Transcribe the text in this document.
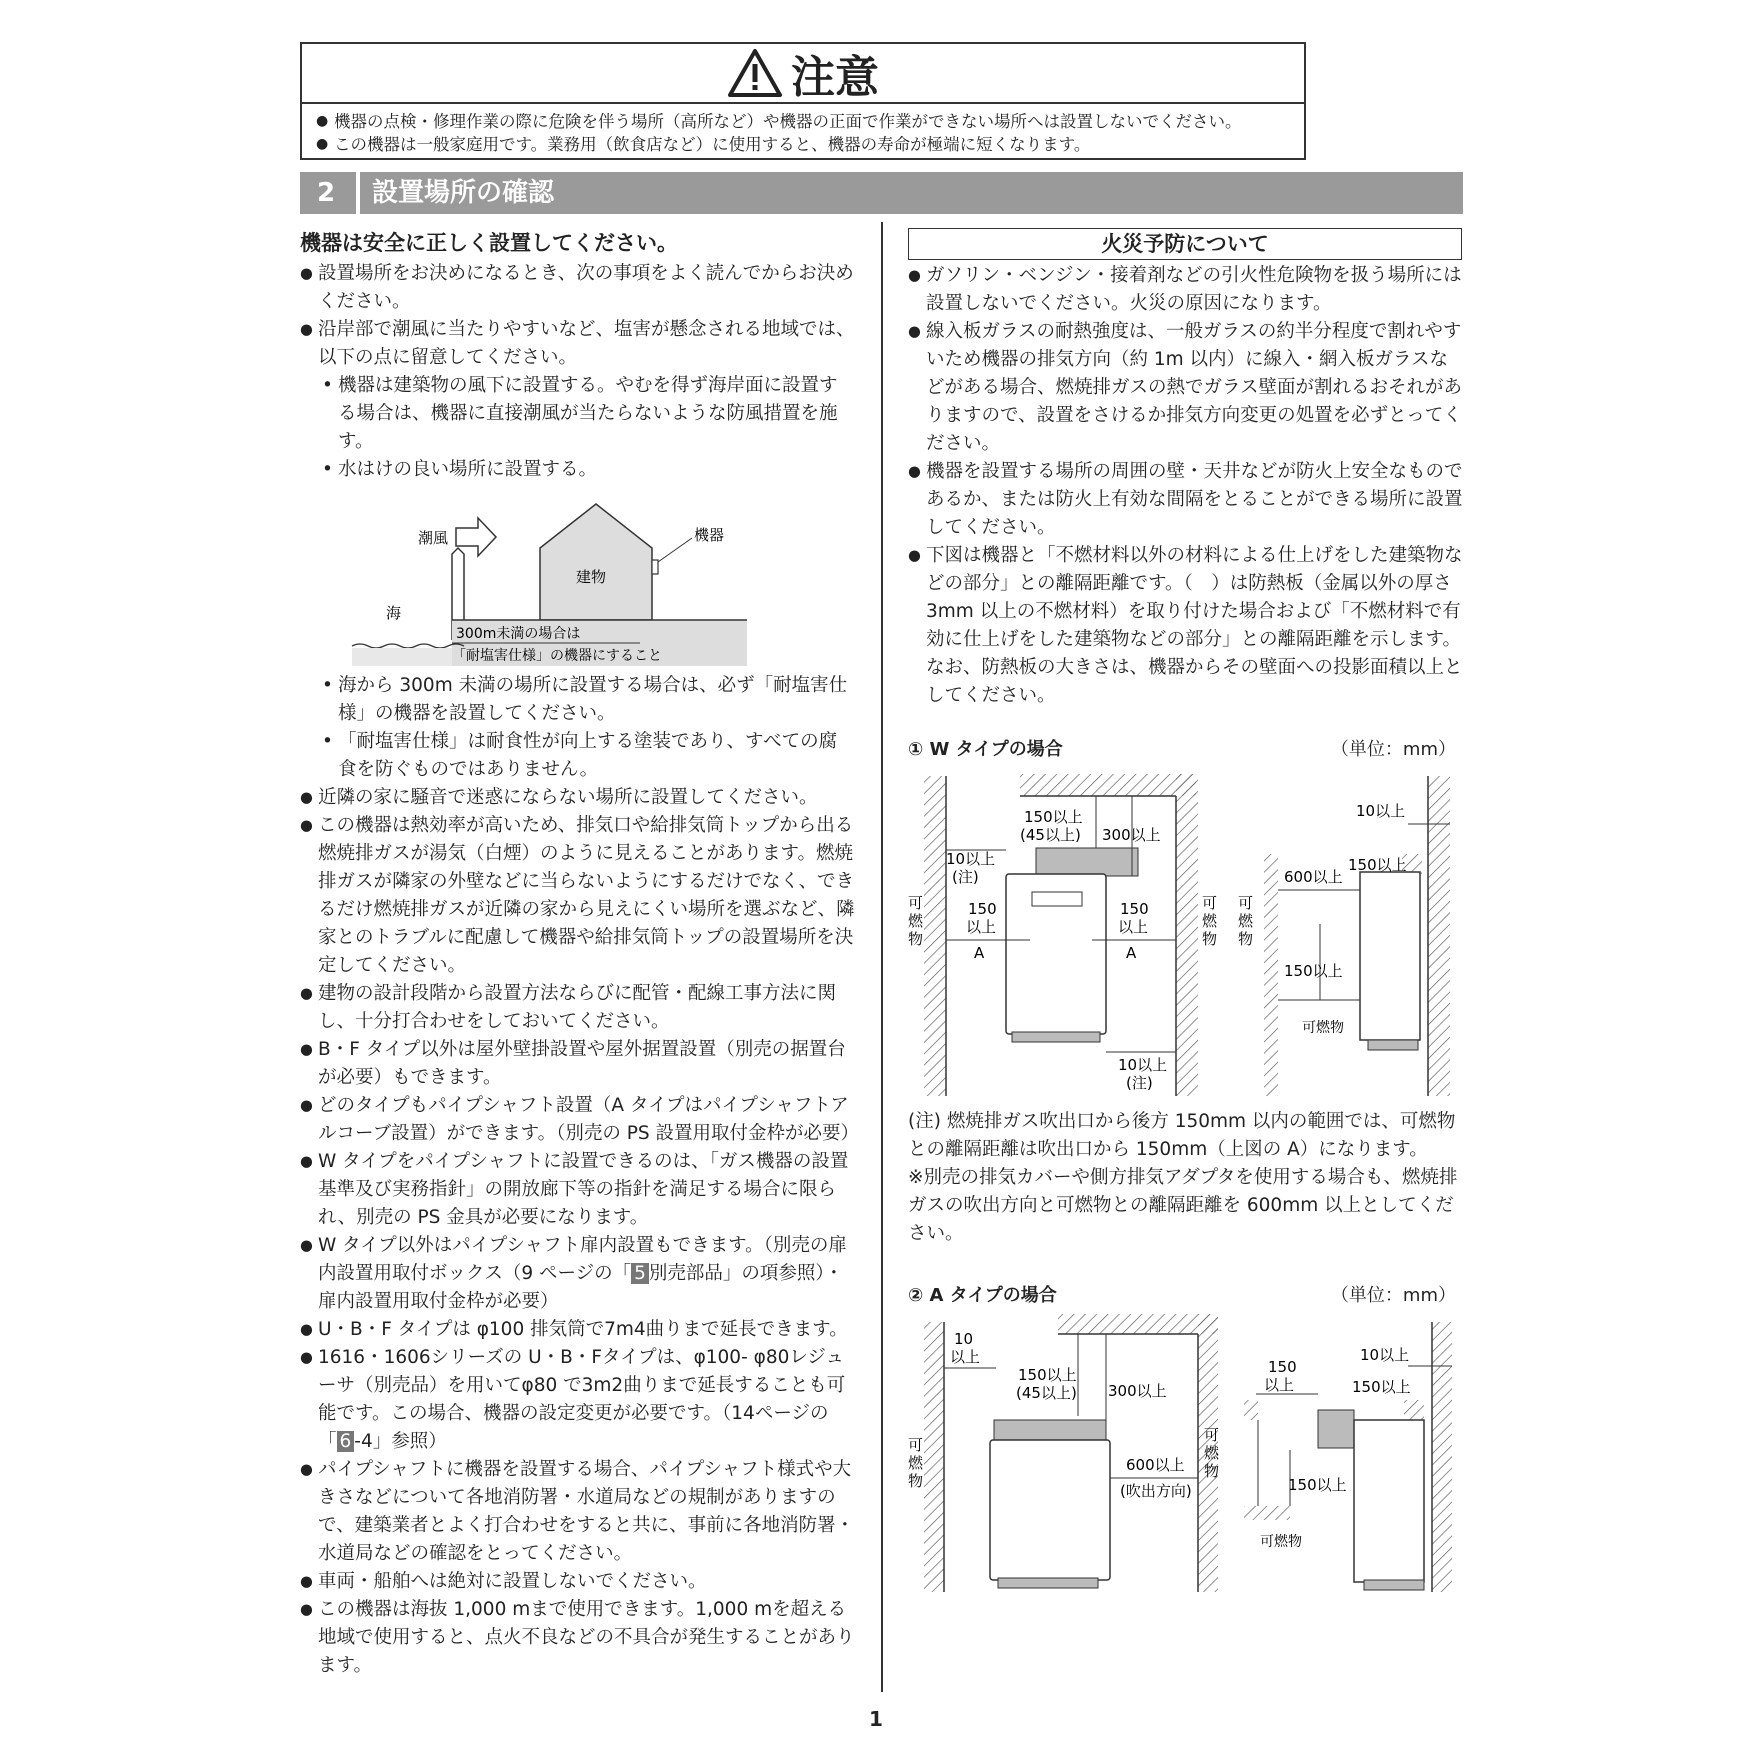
注意
● 機器の点検・修理作業の際に危険を伴う場所（高所など）や機器の正面で作業ができない場所へは設置しないでください。
● この機器は一般家庭用です。業務用（飲食店など）に使用すると、機器の寿命が極端に短くなります。
2	設置場所の確認
機器は安全に正しく設置してください。

● 設置場所をお決めになるとき、次の事項をよく読んでからお決めください。

● 沿岸部で潮風に当たりやすいなど、塩害が懸念される地域では、以下の点に留意してください。

• 機器は建築物の風下に設置する。やむを得ず海岸面に設置する場合は、機器に直接潮風が当たらないような防風措置を施す。

• 水はけの良い場所に設置する。

潮風
建物
機器
海
300m未満の場合は
「耐塩害仕様」の機器にすること

• 海から 300m 未満の場所に設置する場合は、必ず「耐塩害仕様」の機器を設置してください。

• 「耐塩害仕様」は耐食性が向上する塗装であり、すべての腐食を防ぐものではありません。

● 近隣の家に騒音で迷惑にならない場所に設置してください。

● この機器は熱効率が高いため、排気口や給排気筒トップから出る燃焼排ガスが湯気（白煙）のように見えることがあります。燃焼排ガスが隣家の外壁などに当らないようにするだけでなく、できるだけ燃焼排ガスが近隣の家から見えにくい場所を選ぶなど、隣家とのトラブルに配慮して機器や給排気筒トップの設置場所を決定してください。

● 建物の設計段階から設置方法ならびに配管・配線工事方法に関し、十分打合わせをしておいてください。

● B・F タイプ以外は屋外壁掛設置や屋外据置設置（別売の据置台が必要）もできます。

● どのタイプもパイプシャフト設置（A タイプはパイプシャフトアルコーブ設置）ができます。（別売の PS 設置用取付金枠が必要）

● W タイプをパイプシャフトに設置できるのは、「ガス機器の設置基準及び実務指針」の開放廊下等の指針を満足する場合に限られ、別売の PS 金具が必要になります。

● W タイプ以外はパイプシャフト扉内設置もできます。（別売の扉内設置用取付ボックス（9 ページの「 5 別売部品」の項参照）・扉内設置用取付金枠が必要）

● U・B・F タイプは φ100 排気筒で7m4曲りまで延長できます。

● 1616・1606シリーズの U・B・Fタイプは、φ100- φ80レジューサ（別売品）を用いてφ80 で3m2曲りまで延長することも可能です。この場合、機器の設定変更が必要です。（14ページの「 6 -4」参照）

● パイプシャフトに機器を設置する場合、パイプシャフト様式や大きさなどについて各地消防署・水道局などの規制がありますので、建築業者とよく打合わせをすると共に、事前に各地消防署・水道局などの確認をとってください。

● 車両・船舶へは絶対に設置しないでください。

● この機器は海抜 1,000 mまで使用できます。1,000 mを超える地域で使用すると、点火不良などの不具合が発生することがあります。

火災予防について

● ガソリン・ベンジン・接着剤などの引火性危険物を扱う場所には設置しないでください。火災の原因になります。

● 線入板ガラスの耐熱強度は、一般ガラスの約半分程度で割れやすいため機器の排気方向（約 1m 以内）に線入・網入板ガラスなどがある場合、燃焼排ガスの熱でガラス壁面が割れるおそれがありますので、設置をさけるか排気方向変更の処置を必ずとってください。

● 機器を設置する場所の周囲の壁・天井などが防火上安全なものであるか、または防火上有効な間隔をとることができる場所に設置してください。

● 下図は機器と「不燃材料以外の材料による仕上げをした建築物などの部分」との離隔距離です。（　）は防熱板（金属以外の厚さ 3mm 以上の不燃材料）を取り付けた場合および「不燃材料で有効に仕上げをした建築物などの部分」との離隔距離を示します。なお、防熱板の大きさは、機器からその壁面への投影面積以上としてください。

① W タイプの場合	（単位：mm）
150以上
(45以上) 300以上
10以上
(注)
150
以上
A
150
以上
A
10以上
(注)
可
燃
物
可
燃
物
可
燃
物
10以上
150以上
600以上
150以上
可燃物

(注) 燃焼排ガス吹出口から後方 150mm 以内の範囲では、可燃物との離隔距離は吹出口から 150mm（上図の A）になります。

※別売の排気カバーや側方排気アダプタを使用する場合も、燃焼排ガスの吹出方向と可燃物との離隔距離を 600mm 以上としてください。

② A タイプの場合	（単位：mm）
10
以上
150以上
(45以上) 300以上
600以上
(吹出方向)
可
燃
物
可
燃
物
150
以上
10以上
150以上
150以上
可燃物
1
